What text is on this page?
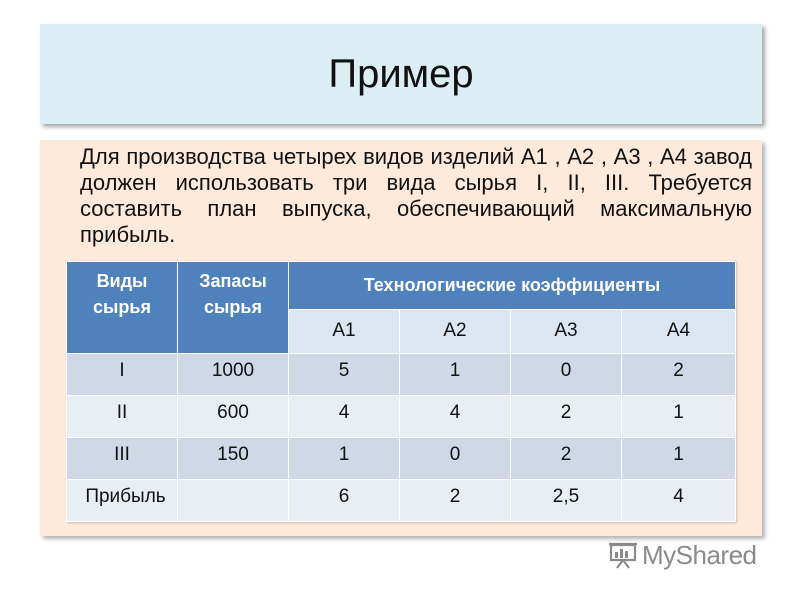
Пример
Для производства четырех видов изделий А1 , А2 , А3 , А4 завод должен использовать три вида сырья I, II, III. Требуется составить план выпуска, обеспечивающий максимальную прибыль.
Виды сырья	Запасы сырья	Технологические коэффициенты			
		А1	А2	А3	А4
I	1000	5	1	0	2
II	600	4	4	2	1
III	150	1	0	2	1
Прибыль		6	2	2,5	4
MyShared
